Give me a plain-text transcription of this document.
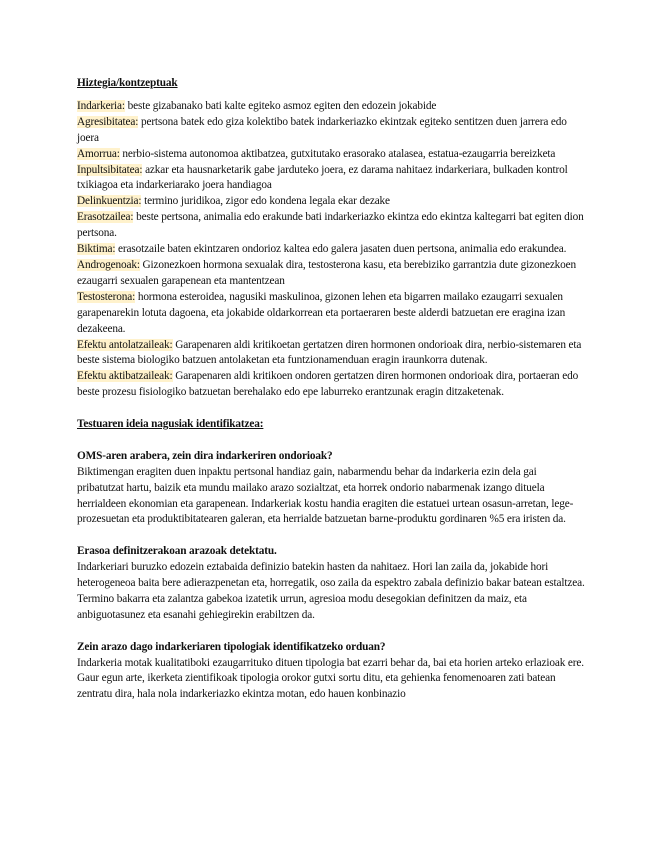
Hiztegia/kontzeptuak

Indarkeria: beste gizabanako bati kalte egiteko asmoz egiten den edozein jokabide

Agresibitatea: pertsona batek edo giza kolektibo batek indarkeriazko ekintzak egiteko sentitzen duen jarrera edo joera

Amorrua: nerbio-sistema autonomoa aktibatzea, gutxitutako erasorako atalasea, estatua-ezaugarria bereizketa

Inpultsibitatea: azkar eta hausnarketarik gabe jarduteko joera, ez darama nahitaez indarkeriara, bulkaden kontrol txikiagoa eta indarkeriarako joera handiagoa

Delinkuentzia: termino juridikoa, zigor edo kondena legala ekar dezake

Erasotzailea: beste pertsona, animalia edo erakunde bati indarkeriazko ekintza edo ekintza kaltegarri bat egiten dion pertsona.

Biktima: erasotzaile baten ekintzaren ondorioz kaltea edo galera jasaten duen pertsona, animalia edo erakundea.

Androgenoak: Gizonezkoen hormona sexualak dira, testosterona kasu, eta berebiziko garrantzia dute gizonezkoen ezaugarri sexualen garapenean eta mantentzean

Testosterona: hormona esteroidea, nagusiki maskulinoa, gizonen lehen eta bigarren mailako ezaugarri sexualen garapenarekin lotuta dagoena, eta jokabide oldarkorrean eta portaeraren beste alderdi batzuetan ere eragina izan dezakeena.

Efektu antolatzaileak: Garapenaren aldi kritikoetan gertatzen diren hormonen ondorioak dira, nerbio-sistemaren eta beste sistema biologiko batzuen antolaketan eta funtzionamenduan eragin iraunkorra dutenak.

Efektu aktibatzaileak: Garapenaren aldi kritikoen ondoren gertatzen diren hormonen ondorioak dira, portaeran edo beste prozesu fisiologiko batzuetan berehalako edo epe laburreko erantzunak eragin ditzaketenak.

Testuaren ideia nagusiak identifikatzea:

OMS-aren arabera, zein dira indarkeriren ondorioak?

Biktimengan eragiten duen inpaktu pertsonal handiaz gain, nabarmendu behar da indarkeria ezin dela gai pribatutzat hartu, baizik eta mundu mailako arazo sozialtzat, eta horrek ondorio nabarmenak izango dituela herrialdeen ekonomian eta garapenean. Indarkeriak kostu handia eragiten die estatuei urtean osasun-arretan, lege-prozesuetan eta produktibitatearen galeran, eta herrialde batzuetan barne-produktu gordinaren %5 era iristen da.

Erasoa definitzerakoan arazoak detektatu.

Indarkeriari buruzko edozein eztabaida definizio batekin hasten da nahitaez. Hori lan zaila da, jokabide hori heterogeneoa baita bere adierazpenetan eta, horregatik, oso zaila da espektro zabala definizio bakar batean estaltzea. Termino bakarra eta zalantza gabekoa izatetik urrun, agresioa modu desegokian definitzen da maiz, eta anbiguotasunez eta esanahi gehiegirekin erabiltzen da.

Zein arazo dago indarkeriaren tipologiak identifikatzeko orduan?

Indarkeria motak kualitatiboki ezaugarrituko dituen tipologia bat ezarri behar da, bai eta horien arteko erlazioak ere. Gaur egun arte, ikerketa zientifikoak tipologia orokor gutxi sortu ditu, eta gehienka fenomenoaren zati batean zentratu dira, hala nola indarkeriazko ekintza motan, edo hauen konbinazio
